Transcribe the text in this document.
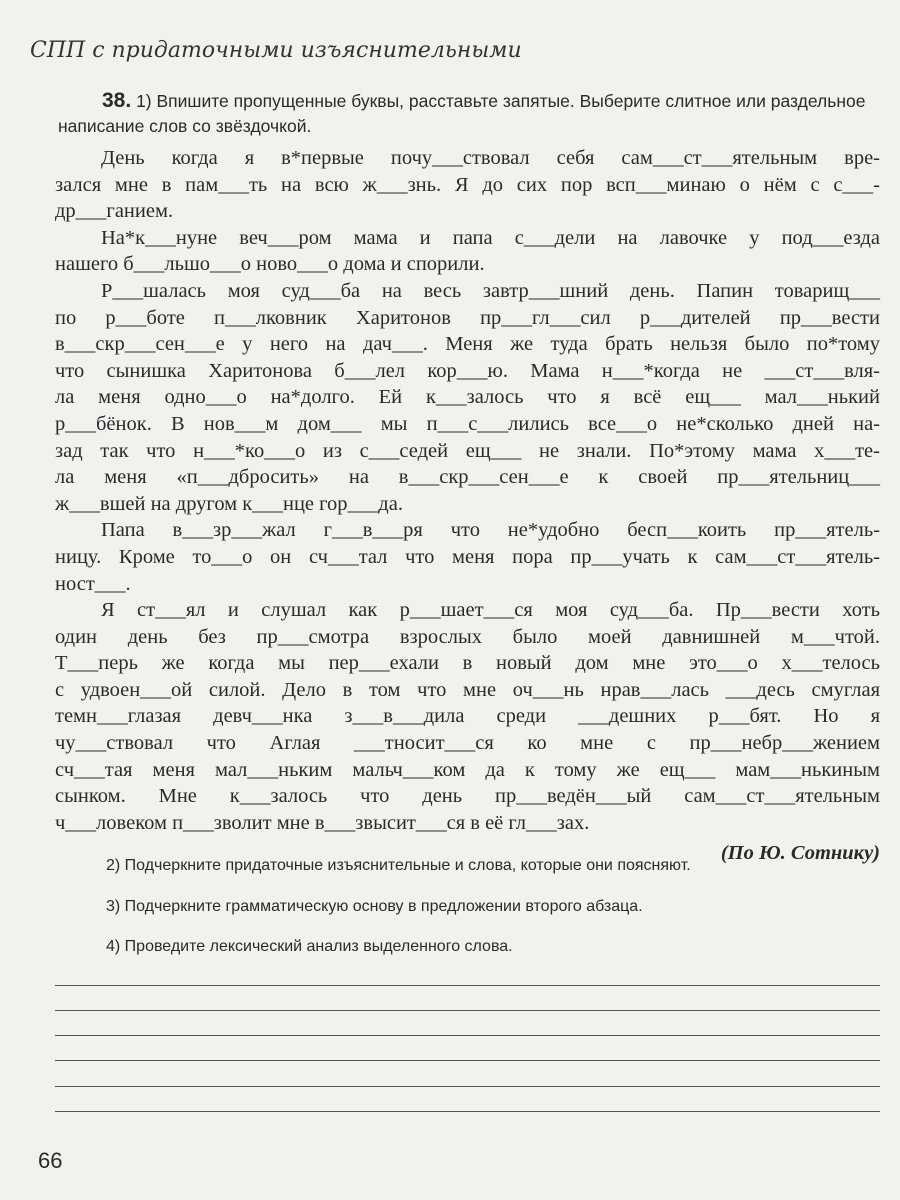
СПП с придаточными изъяснительными
38. 1) Впишите пропущенные буквы, расставьте запятые. Выберите слитное или раздельное написание слов со звёздочкой.
День когда я в*первые почу___ствовал себя сам___ст___ятельным вре-
зался мне в пам___ть на всю ж___знь. Я до сих пор всп___минаю о нём с с___-
др___ганием.
На*к___нуне веч___ром мама и папа с___дели на лавочке у под___езда
нашего б___льшо___о ново___о дома и спорили.
Р___шалась моя суд___ба на весь завтр___шний день. Папин товарищ___
по р___боте п___лковник Харитонов пр___гл___сил р___дителей пр___вести
в___скр___сен___е у него на дач___. Меня же туда брать нельзя было по*тому
что сынишка Харитонова б___лел кор___ю. Мама н___*когда не ___ст___вля-
ла меня одно___о на*долго. Ей к___залось что я всё ещ___ мал___нький
р___бёнок. В нов___м дом___ мы п___с___лились все___о не*сколько дней на-
зад так что н___*ко___о из с___седей ещ___ не знали. По*этому мама х___те-
ла меня «п___дбросить» на в___скр___сен___е к своей пр___ятельниц___
ж___вшей на другом к___нце гор___да.
Папа в___зр___жал г___в___ря что не*удобно бесп___коить пр___ятель-
ницу. Кроме то___о он сч___тал что меня пора пр___учать к сам___ст___ятель-
ност___.
Я ст___ял и слушал как р___шает___ся моя суд___ба. Пр___вести хоть
один день без пр___смотра взрослых было моей давнишней м___чтой.
Т___перь же когда мы пер___ехали в новый дом мне это___о х___телось
с удвоен___ой силой. Дело в том что мне оч___нь нрав___лась ___десь смуглая
темн___глазая девч___нка з___в___дила среди ___дешних р___бят. Но я
чу___ствовал что Аглая ___тносит___ся ко мне с пр___небр___жением
сч___тая меня мал___ньким мальч___ком да к тому же ещ___ мам___нькиным
сынком. Мне к___залось что день пр___ведён___ый сам___ст___ятельным
ч___ловеком п___зволит мне в___звысит___ся в её гл___зах.
(По Ю. Сотнику)
2) Подчеркните придаточные изъяснительные и слова, которые они поясняют.
3) Подчеркните грамматическую основу в предложении второго абзаца.
4) Проведите лексический анализ выделенного слова.
66
